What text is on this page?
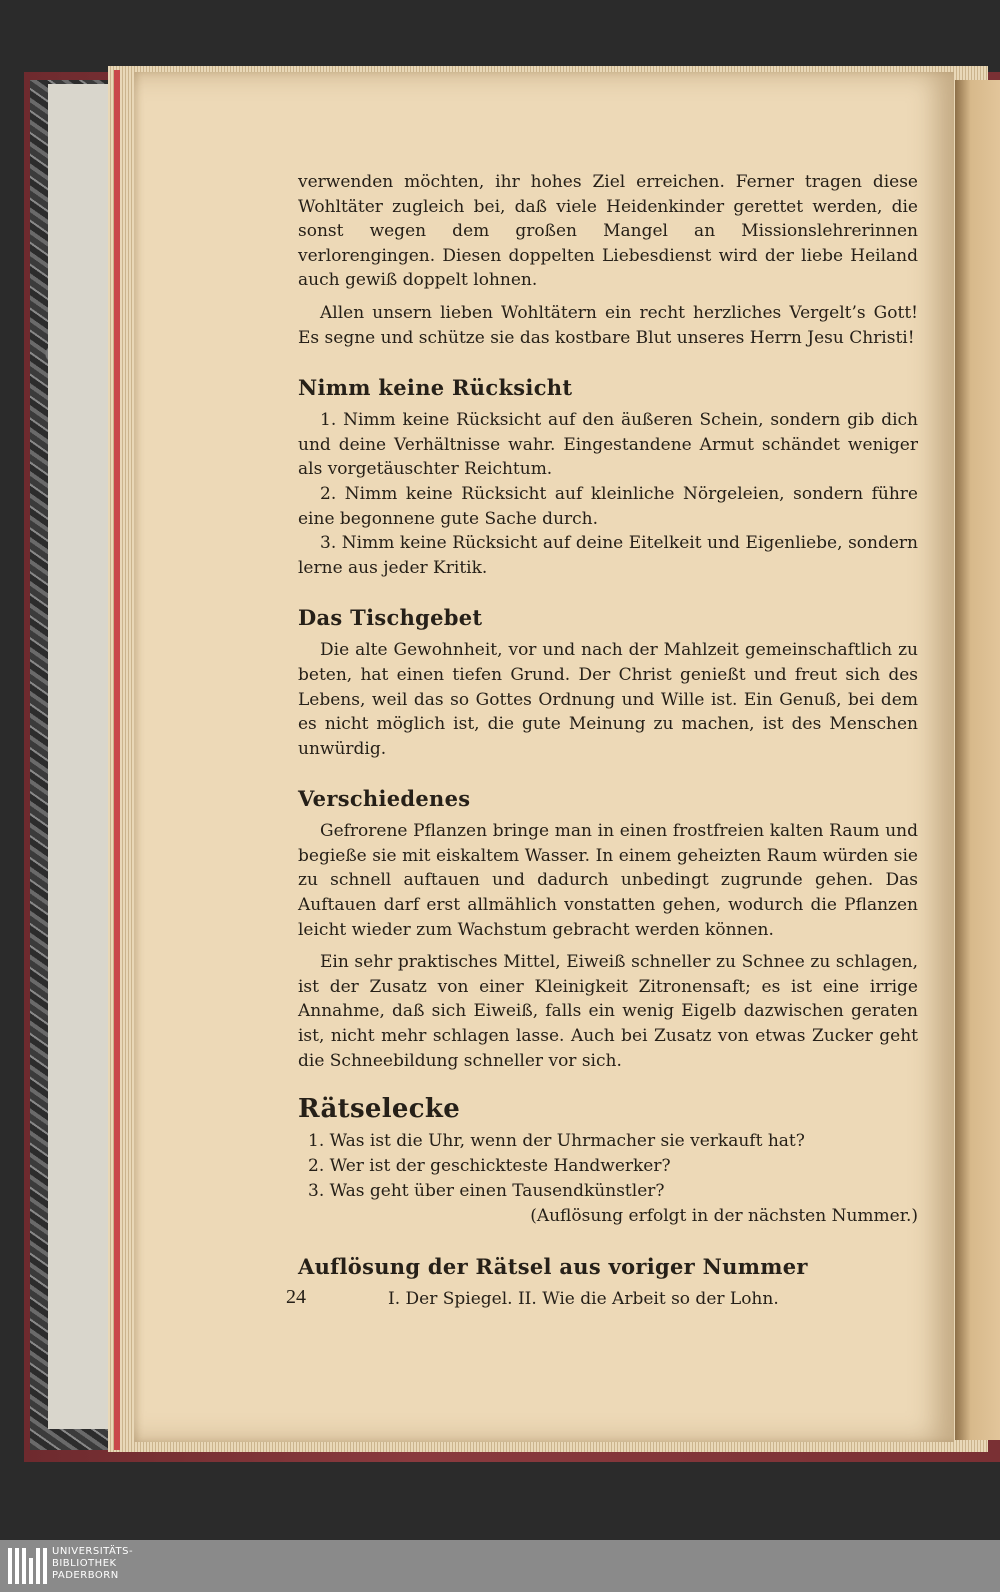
verwenden möchten, ihr hohes Ziel erreichen. Ferner tragen diese Wohltäter zugleich bei, daß viele Heidenkinder gerettet werden, die sonst wegen dem großen Mangel an Missionslehrerinnen verlorengingen. Diesen doppelten Liebesdienst wird der liebe Heiland auch gewiß doppelt lohnen.

Allen unsern lieben Wohltätern ein recht herzliches Vergelt’s Gott! Es segne und schütze sie das kostbare Blut unseres Herrn Jesu Christi!

Nimm keine Rücksicht

1. Nimm keine Rücksicht auf den äußeren Schein, sondern gib dich und deine Verhältnisse wahr. Eingestandene Armut schändet weniger als vorgetäuschter Reichtum.

2. Nimm keine Rücksicht auf kleinliche Nörgeleien, sondern führe eine begonnene gute Sache durch.

3. Nimm keine Rücksicht auf deine Eitelkeit und Eigenliebe, sondern lerne aus jeder Kritik.

Das Tischgebet

Die alte Gewohnheit, vor und nach der Mahlzeit gemeinschaftlich zu beten, hat einen tiefen Grund. Der Christ genießt und freut sich des Lebens, weil das so Gottes Ordnung und Wille ist. Ein Genuß, bei dem es nicht möglich ist, die gute Meinung zu machen, ist des Menschen unwürdig.

Verschiedenes

Gefrorene Pflanzen bringe man in einen frostfreien kalten Raum und begieße sie mit eiskaltem Wasser. In einem geheizten Raum würden sie zu schnell auftauen und dadurch unbedingt zugrunde gehen. Das Auftauen darf erst allmählich vonstatten gehen, wodurch die Pflanzen leicht wieder zum Wachstum gebracht werden können.

Ein sehr praktisches Mittel, Eiweiß schneller zu Schnee zu schlagen, ist der Zusatz von einer Kleinigkeit Zitronensaft; es ist eine irrige Annahme, daß sich Eiweiß, falls ein wenig Eigelb dazwischen geraten ist, nicht mehr schlagen lasse. Auch bei Zusatz von etwas Zucker geht die Schneebildung schneller vor sich.

Rätselecke
1. Was ist die Uhr, wenn der Uhrmacher sie verkauft hat?
2. Wer ist der geschickteste Handwerker?
3. Was geht über einen Tausendkünstler?
(Auflösung erfolgt in der nächsten Nummer.)
Auflösung der Rätsel aus voriger Nummer
I. Der Spiegel. II. Wie die Arbeit so der Lohn.
24
UNIVERSITÄTS-
BIBLIOTHEK
PADERBORN
